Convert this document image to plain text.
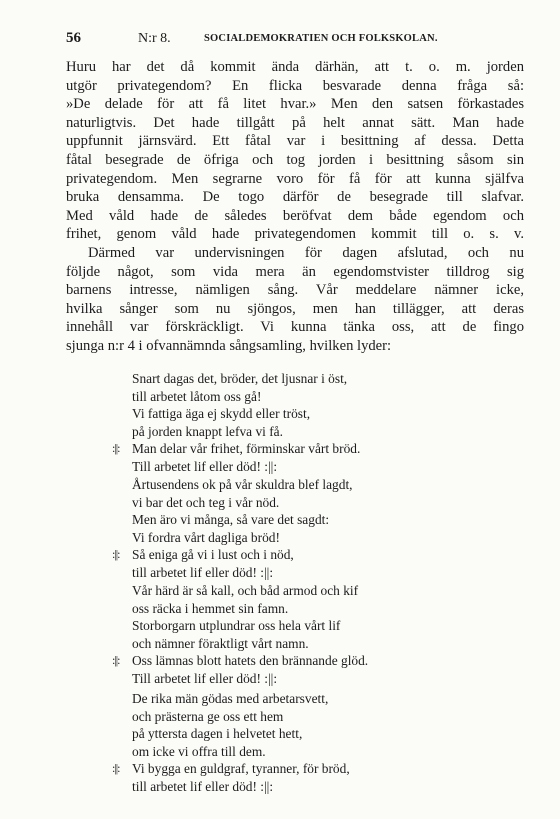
56	N:r 8.	SOCIALDEMOKRATIEN OCH FOLKSKOLAN.
Huru har det då kommit ända därhän, att t. o. m. jorden
utgör privategendom? En flicka besvarade denna fråga så:
»De delade för att få litet hvar.» Men den satsen förkastades
naturligtvis. Det hade tillgått på helt annat sätt. Man hade
uppfunnit järnsvärd. Ett fåtal var i besittning af dessa. Detta
fåtal besegrade de öfriga och tog jorden i besittning såsom sin
privategendom. Men segrarne voro för få för att kunna själfva
bruka densamma. De togo därför de besegrade till slafvar.
Med våld hade de således beröfvat dem både egendom och
frihet, genom våld hade privategendomen kommit till o. s. v.
Därmed var undervisningen för dagen afslutad, och nu
följde något, som vida mera än egendomstvister tilldrog sig
barnens intresse, nämligen sång. Vår meddelare nämner icke,
hvilka sånger som nu sjöngos, men han tillägger, att deras
innehåll var förskräckligt. Vi kunna tänka oss, att de fingo
sjunga n:r 4 i ofvannämnda sångsamling, hvilken lyder:
Snart dagas det, bröder, det ljusnar i öst,
till arbetet låtom oss gå!
Vi fattiga äga ej skydd eller tröst,
på jorden knappt lefva vi få.
:||: Man delar vår frihet, förminskar vårt bröd.
Till arbetet lif eller död! :||:
Årtusendens ok på vår skuldra blef lagdt,
vi bar det och teg i vår nöd.
Men äro vi många, så vare det sagdt:
Vi fordra vårt dagliga bröd!
:||: Så eniga gå vi i lust och i nöd,
till arbetet lif eller död! :||:
Vår härd är så kall, och båd armod och kif
oss räcka i hemmet sin famn.
Storborgarn utplundrar oss hela vårt lif
och nämner föraktligt vårt namn.
:||: Oss lämnas blott hatets den brännande glöd.
Till arbetet lif eller död! :||:
De rika män gödas med arbetarsvett,
och prästerna ge oss ett hem
på yttersta dagen i helvetet hett,
om icke vi offra till dem.
:||: Vi bygga en guldgraf, tyranner, för bröd,
till arbetet lif eller död! :||:
